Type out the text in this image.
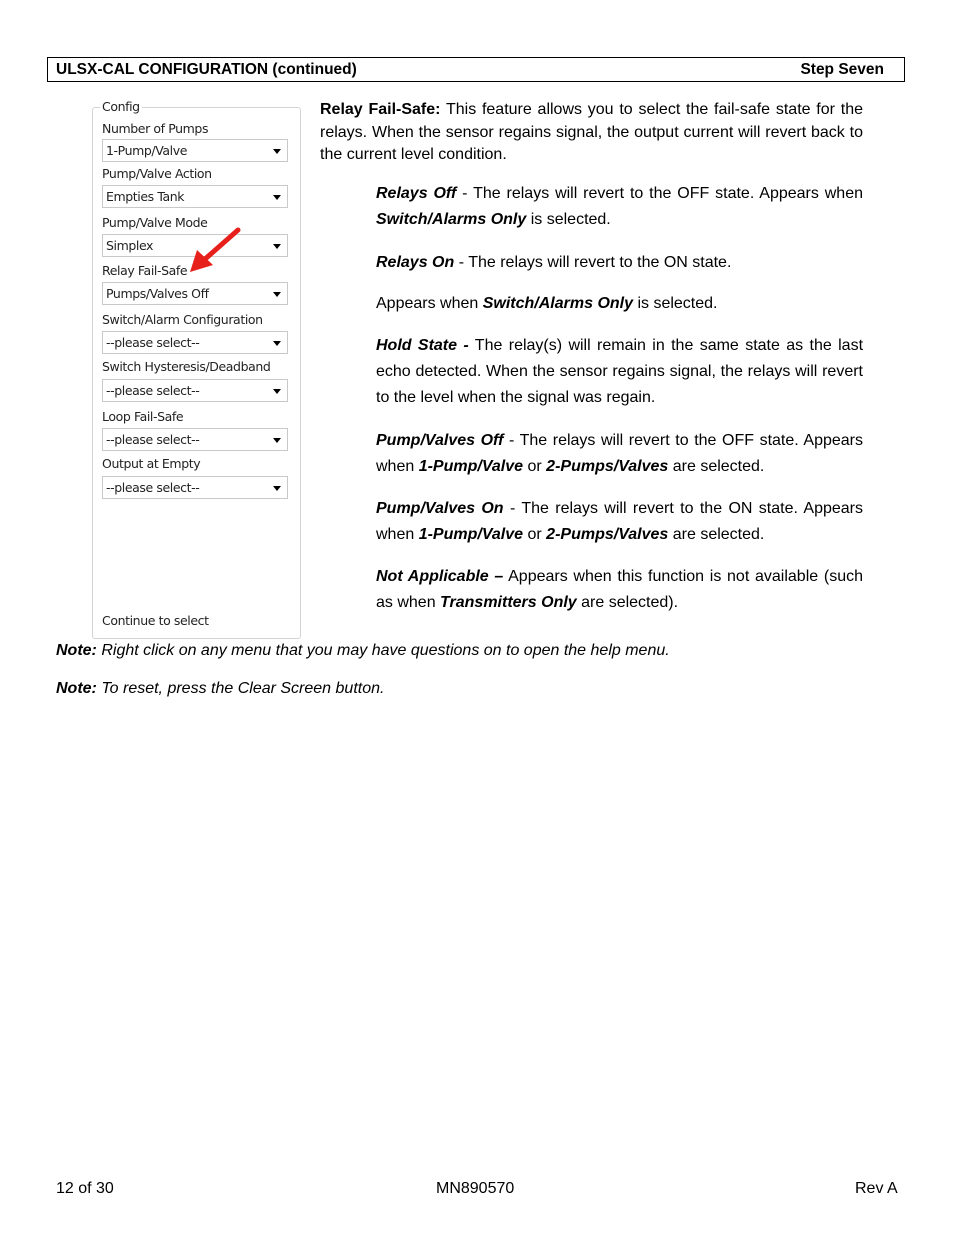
ULSX-CAL CONFIGURATION (continued)	Step Seven
Config
Number of Pumps
1-Pump/Valve
Pump/Valve Action
Empties Tank
Pump/Valve Mode
Simplex
Relay Fail-Safe
Pumps/Valves Off
Switch/Alarm Configuration
--please select--
Switch Hysteresis/Deadband
--please select--
Loop Fail-Safe
--please select--
Output at Empty
--please select--
Continue to select
Relay Fail-Safe: This feature allows you to select the fail-safe state for the relays. When the sensor regains signal, the output current will revert back to the current level condition.
Relays Off - The relays will revert to the OFF state. Appears when Switch/Alarms Only is selected.
Relays On - The relays will revert to the ON state.
Appears when Switch/Alarms Only is selected.
Hold State - The relay(s) will remain in the same state as the last echo detected. When the sensor regains signal, the relays will revert to the level when the signal was regain.
Pump/Valves Off - The relays will revert to the OFF state. Appears when 1-Pump/Valve or 2-Pumps/Valves are selected.
Pump/Valves On - The relays will revert to the ON state. Appears when 1-Pump/Valve or 2-Pumps/Valves are selected.
Not Applicable – Appears when this function is not available (such as when Transmitters Only are selected).
Note: Right click on any menu that you may have questions on to open the help menu.
Note: To reset, press the Clear Screen button.
12 of 30	MN890570	Rev A
